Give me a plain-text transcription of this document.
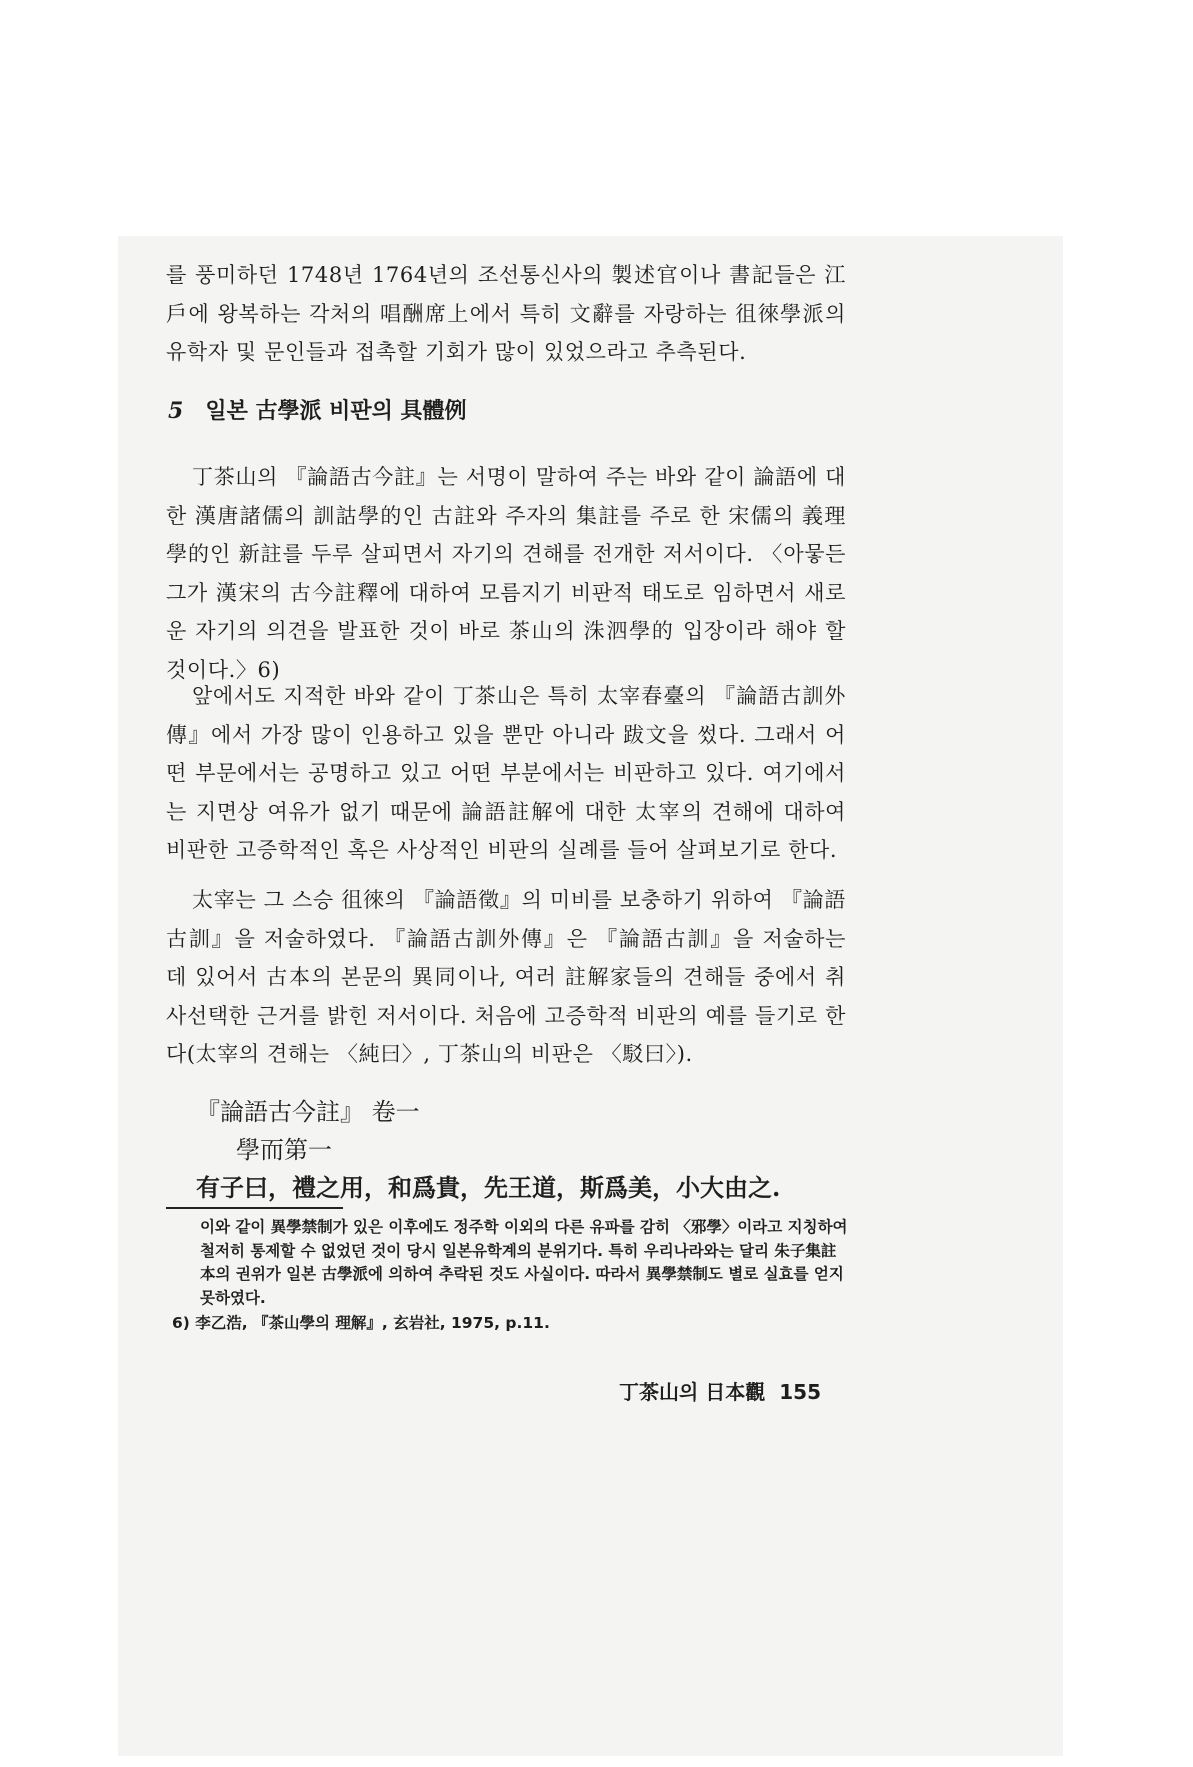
를 풍미하던 1748년 1764년의 조선통신사의 製述官이나 書記들은 江戶에 왕복하는 각처의 唱酬席上에서 특히 文辭를 자랑하는 徂徠學派의 유학자 및 문인들과 접촉할 기회가 많이 있었으라고 추측된다.

5 일본 古學派 비판의 具體例

丁茶山의 『論語古今註』는 서명이 말하여 주는 바와 같이 論語에 대한 漢唐諸儒의 訓詁學的인 古註와 주자의 集註를 주로 한 宋儒의 義理學的인 新註를 두루 살피면서 자기의 견해를 전개한 저서이다. 〈아뭏든 그가 漢宋의 古今註釋에 대하여 모름지기 비판적 태도로 임하면서 새로운 자기의 의견을 발표한 것이 바로 茶山의 洙泗學的 입장이라 해야 할 것이다.〉6)

앞에서도 지적한 바와 같이 丁茶山은 특히 太宰春臺의 『論語古訓外傳』에서 가장 많이 인용하고 있을 뿐만 아니라 跋文을 썼다. 그래서 어떤 부문에서는 공명하고 있고 어떤 부분에서는 비판하고 있다. 여기에서는 지면상 여유가 없기 때문에 論語註解에 대한 太宰의 견해에 대하여 비판한 고증학적인 혹은 사상적인 비판의 실례를 들어 살펴보기로 한다.

太宰는 그 스승 徂徠의 『論語徵』의 미비를 보충하기 위하여 『論語古訓』을 저술하였다. 『論語古訓外傳』은 『論語古訓』을 저술하는 데 있어서 古本의 본문의 異同이나, 여러 註解家들의 견해들 중에서 취사선택한 근거를 밝힌 저서이다. 처음에 고증학적 비판의 예를 들기로 한다(太宰의 견해는 〈純曰〉, 丁茶山의 비판은 〈駁曰〉).

『論語古今註』 卷一

學而第一

有子曰，禮之用，和爲貴，先王道，斯爲美，小大由之.

이와 같이 異學禁制가 있은 이후에도 정주학 이외의 다른 유파를 감히 〈邪學〉이라고 지칭하여 철저히 통제할 수 없었던 것이 당시 일본유학계의 분위기다. 특히 우리나라와는 달리 朱子集註本의 권위가 일본 古學派에 의하여 추락된 것도 사실이다. 따라서 異學禁制도 별로 실효를 얻지 못하였다.

6) 李乙浩, 『茶山學의 理解』, 玄岩社, 1975, p.11.

丁茶山의 日本觀 155
